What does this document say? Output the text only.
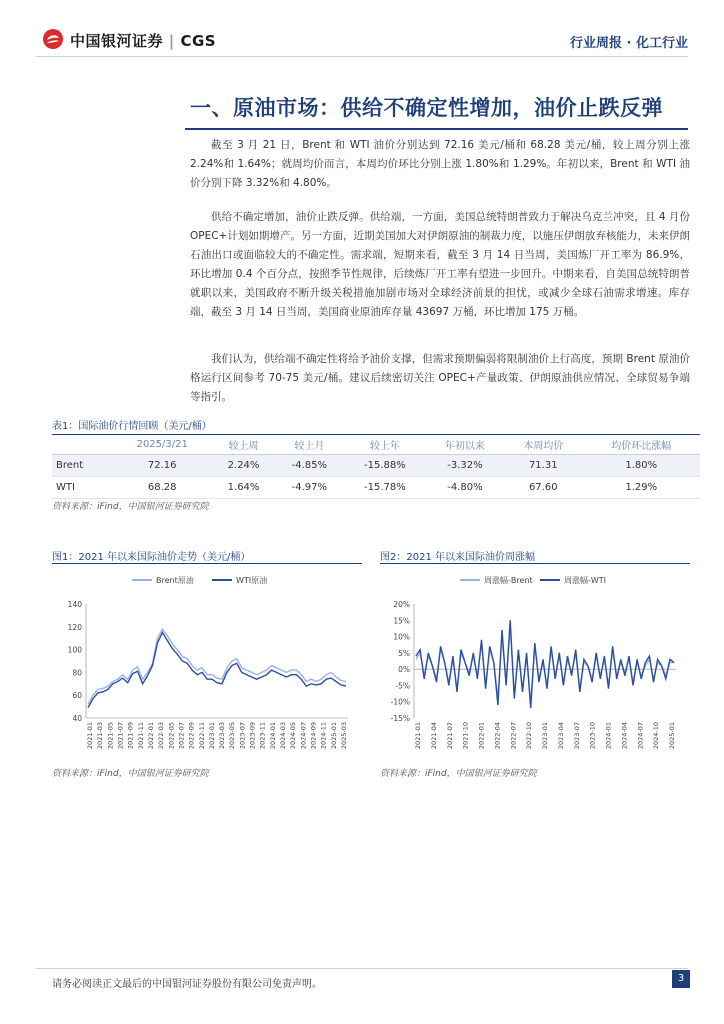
中国银河证券 | CGS	行业周报 · 化工行业
一、原油市场：供给不确定性增加，油价止跌反弹
截至 3 月 21 日，Brent 和 WTI 油价分别达到 72.16 美元/桶和 68.28 美元/桶，较上周分别上涨 2.24%和 1.64%；就周均价而言，本周均价环比分别上涨 1.80%和 1.29%。年初以来，Brent 和 WTI 油价分别下降 3.32%和 4.80%。
供给不确定增加，油价止跌反弹。供给端，一方面，美国总统特朗普致力于解决乌克兰冲突，且 4 月份 OPEC+计划如期增产。另一方面，近期美国加大对伊朗原油的制裁力度，以施压伊朗放弃核能力，未来伊朗石油出口或面临较大的不确定性。需求端，短期来看，截至 3 月 14 日当周，美国炼厂开工率为 86.9%，环比增加 0.4 个百分点，按照季节性规律，后续炼厂开工率有望进一步回升。中期来看，自美国总统特朗普就职以来，美国政府不断升级关税措施加剧市场对全球经济前景的担忧，或减少全球石油需求增速。库存端，截至 3 月 14 日当周，美国商业原油库存量 43697 万桶，环比增加 175 万桶。
我们认为，供给端不确定性将给予油价支撑，但需求预期偏弱将限制油价上行高度，预期 Brent 原油价格运行区间参考 70-75 美元/桶。建议后续密切关注 OPEC+产量政策、伊朗原油供应情况、全球贸易争端等指引。
表1：国际油价行情回顾（美元/桶）
	2025/3/21	较上周	较上月	较上年	年初以来	本周均价	均价环比涨幅
Brent	72.16	2.24%	-4.85%	-15.88%	-3.32%	71.31	1.80%
WTI	68.28	1.64%	-4.97%	-15.78%	-4.80%	67.60	1.29%
资料来源：iFind，中国银河证券研究院
图1：2021 年以来国际油价走势（美元/桶）
Brent原油	WTI原油
40
60
80
100
120
140
2021-01 2021-03 2021-05 2021-07 2021-09 2021-11 2022-01 2022-03 2022-05 2022-07 2022-09 2022-11 2023-01 2023-03 2023-05 2023-07 2023-09 2023-11 2024-01 2024-03 2024-05 2024-07 2024-09 2024-11 2025-01 2025-03
资料来源：iFind，中国银河证券研究院
图2：2021 年以来国际油价周涨幅
周涨幅-Brent	周涨幅-WTI
-15%
-10%
-5%
0%
5%
10%
15%
20%
2021-01 2021-04 2021-07 2021-10 2022-01 2022-04 2022-07 2022-10 2023-01 2023-04 2023-07 2023-10 2024-01 2024-04 2024-07 2024-10 2025-01
资料来源：iFind，中国银河证券研究院
请务必阅读正文最后的中国银河证券股份有限公司免责声明。
3
